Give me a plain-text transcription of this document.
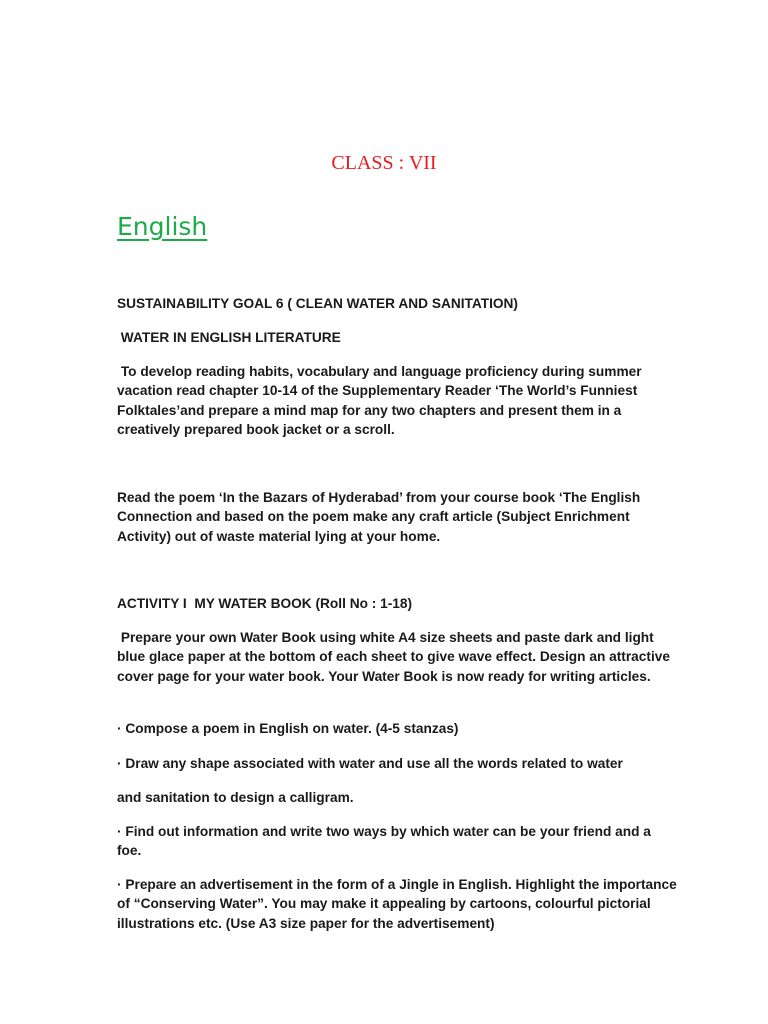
CLASS : VII
English

SUSTAINABILITY GOAL 6 ( CLEAN WATER AND SANITATION)

WATER IN ENGLISH LITERATURE

To develop reading habits, vocabulary and language proficiency during summer vacation read chapter 10-14 of the Supplementary Reader ‘The World’s Funniest Folktales’and prepare a mind map for any two chapters and present them in a creatively prepared book jacket or a scroll.

Read the poem ‘In the Bazars of Hyderabad’ from your course book ‘The English Connection and based on the poem make any craft article (Subject Enrichment Activity) out of waste material lying at your home.

ACTIVITY I  MY WATER BOOK (Roll No : 1-18)

Prepare your own Water Book using white A4 size sheets and paste dark and light blue glace paper at the bottom of each sheet to give wave effect. Design an attractive cover page for your water book. Your Water Book is now ready for writing articles.

· Compose a poem in English on water. (4-5 stanzas)

· Draw any shape associated with water and use all the words related to water

and sanitation to design a calligram.

· Find out information and write two ways by which water can be your friend and a foe.

· Prepare an advertisement in the form of a Jingle in English. Highlight the importance of “Conserving Water”. You may make it appealing by cartoons, colourful pictorial illustrations etc. (Use A3 size paper for the advertisement)
